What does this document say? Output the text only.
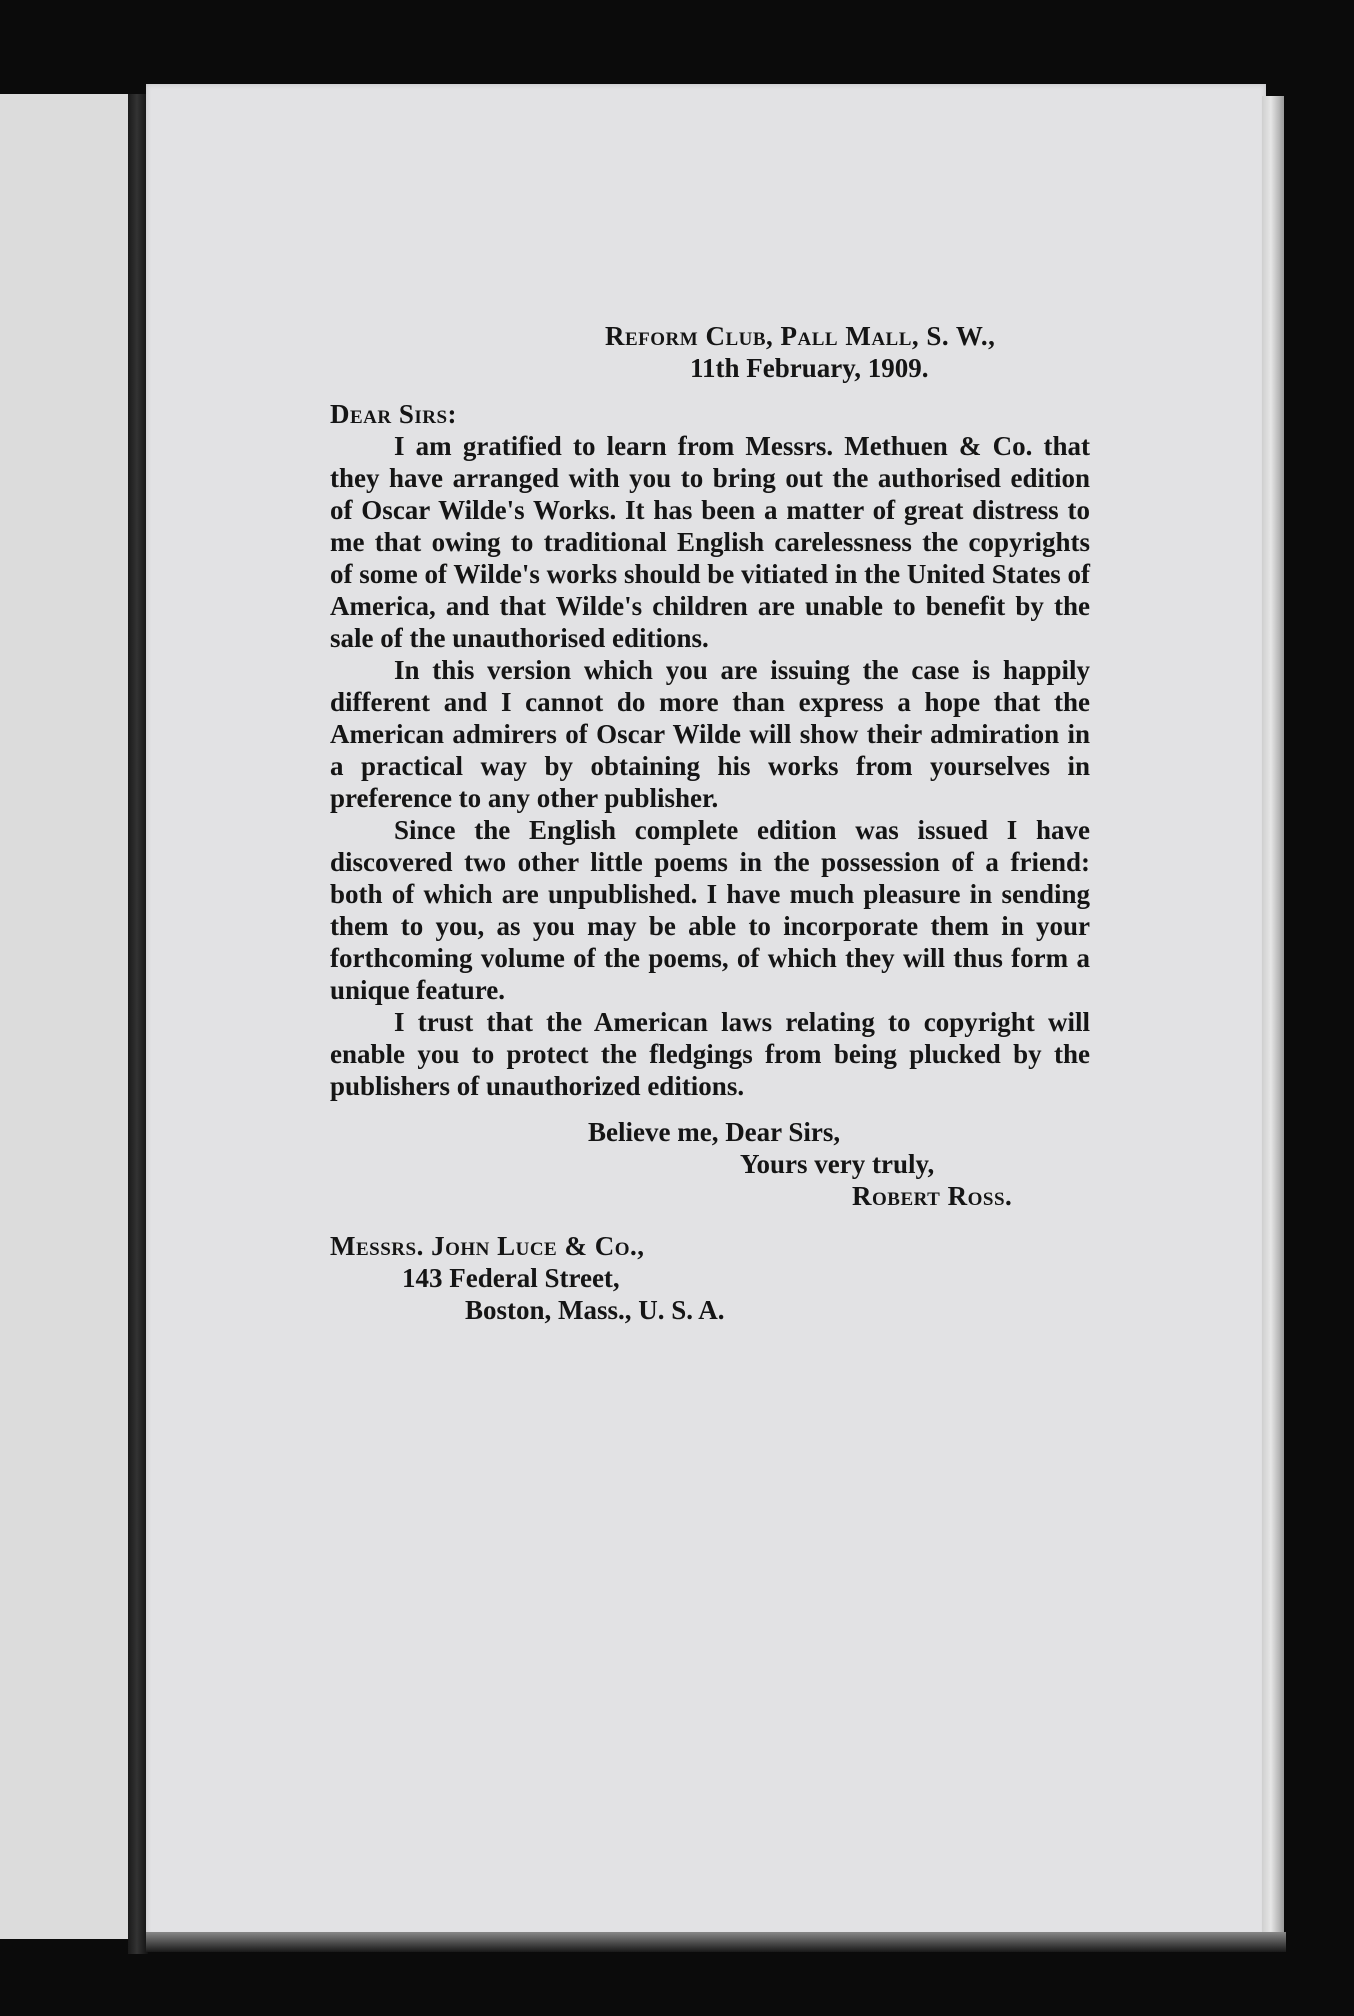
Reform Club, Pall Mall, S. W.,
11th February, 1909.
Dear Sirs:

I am gratified to learn from Messrs. Methuen & Co. that they have arranged with you to bring out the authorised edition of Oscar Wilde's Works. It has been a matter of great distress to me that owing to traditional English carelessness the copyrights of some of Wilde's works should be vitiated in the United States of America, and that Wilde's children are unable to benefit by the sale of the unauthorised editions.

In this version which you are issuing the case is happily different and I cannot do more than express a hope that the American admirers of Oscar Wilde will show their admiration in a practical way by obtaining his works from yourselves in preference to any other publisher.

Since the English complete edition was issued I have discovered two other little poems in the possession of a friend: both of which are unpublished. I have much pleasure in sending them to you, as you may be able to incorporate them in your forthcoming volume of the poems, of which they will thus form a unique feature.

I trust that the American laws relating to copyright will enable you to protect the fledgings from being plucked by the publishers of unauthorized editions.

Believe me, Dear Sirs,
Yours very truly,
Robert Ross.
Messrs. John Luce & Co.,
143 Federal Street,
Boston, Mass., U. S. A.
